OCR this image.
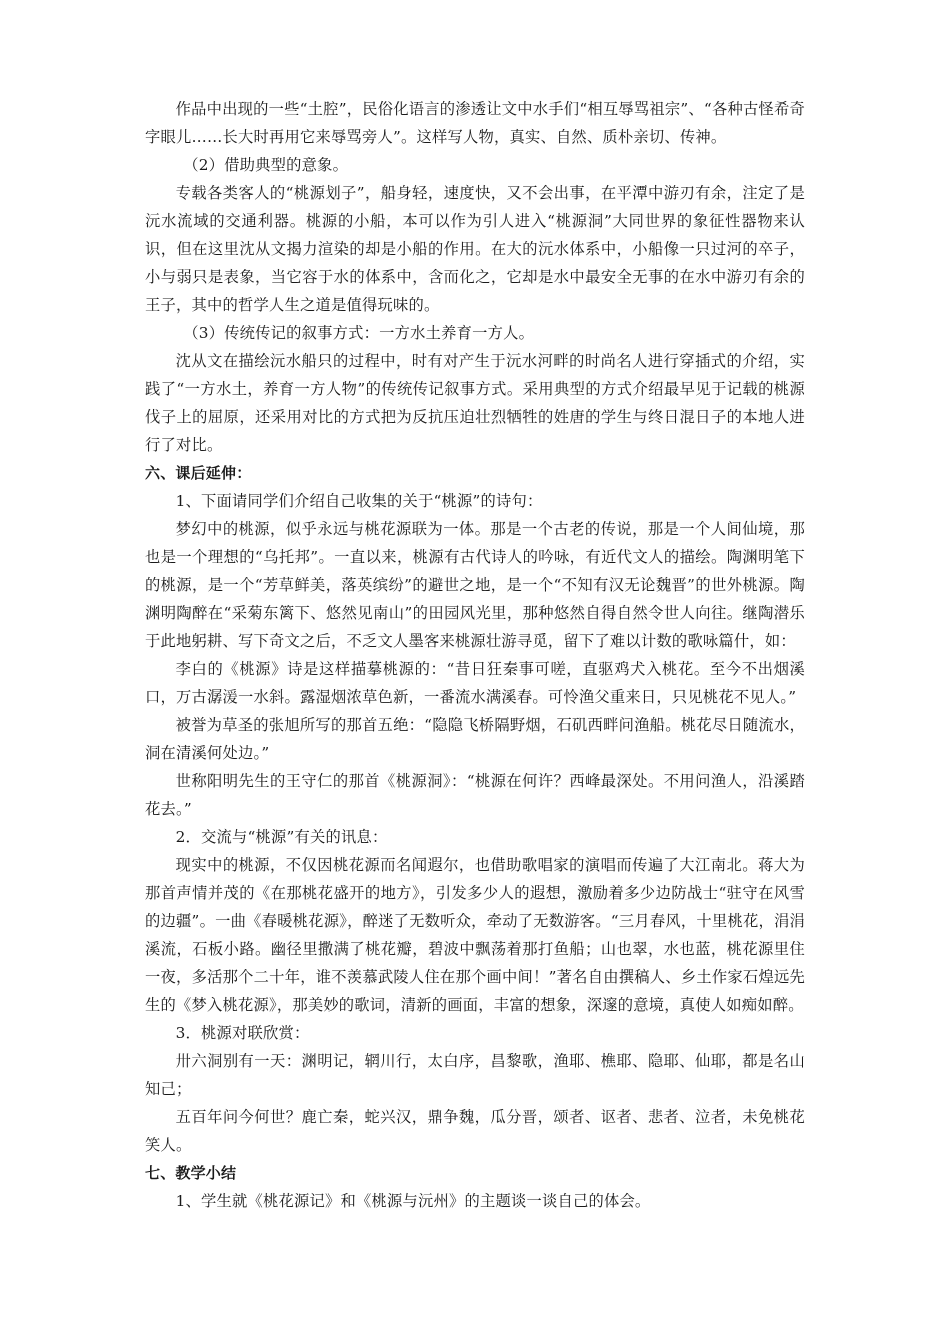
作品中出现的一些“土腔”，民俗化语言的渗透让文中水手们“相互辱骂祖宗”、“各种古怪希奇字眼儿……长大时再用它来辱骂旁人”。这样写人物，真实、自然、质朴亲切、传神。

（2）借助典型的意象。

专载各类客人的“桃源划子”，船身轻，速度快，又不会出事，在平潭中游刃有余，注定了是沅水流域的交通利器。桃源的小船，本可以作为引人进入“桃源洞”大同世界的象征性器物来认识，但在这里沈从文揭力渲染的却是小船的作用。在大的沅水体系中，小船像一只过河的卒子，小与弱只是表象，当它容于水的体系中，含而化之，它却是水中最安全无事的在水中游刃有余的王子，其中的哲学人生之道是值得玩味的。

（3）传统传记的叙事方式：一方水土养育一方人。

沈从文在描绘沅水船只的过程中，时有对产生于沅水河畔的时尚名人进行穿插式的介绍，实践了“一方水土，养育一方人物”的传统传记叙事方式。采用典型的方式介绍最早见于记载的桃源伐子上的屈原，还采用对比的方式把为反抗压迫壮烈牺牲的姓唐的学生与终日混日子的本地人进行了对比。

六、课后延伸：

1、下面请同学们介绍自己收集的关于“桃源”的诗句：

梦幻中的桃源，似乎永远与桃花源联为一体。那是一个古老的传说，那是一个人间仙境，那也是一个理想的“乌托邦”。一直以来，桃源有古代诗人的吟咏，有近代文人的描绘。陶渊明笔下的桃源，是一个“芳草鲜美，落英缤纷”的避世之地，是一个“不知有汉无论魏晋”的世外桃源。陶渊明陶醉在“采菊东篱下、悠然见南山”的田园风光里，那种悠然自得自然令世人向往。继陶潜乐于此地躬耕、写下奇文之后，不乏文人墨客来桃源壮游寻觅，留下了难以计数的歌咏篇什，如：

李白的《桃源》诗是这样描摹桃源的：“昔日狂秦事可嗟，直驱鸡犬入桃花。至今不出烟溪口，万古潺湲一水斜。露湿烟浓草色新，一番流水满溪春。可怜渔父重来日，只见桃花不见人。”

被誉为草圣的张旭所写的那首五绝：“隐隐飞桥隔野烟，石矶西畔问渔船。桃花尽日随流水，洞在清溪何处边。”

世称阳明先生的王守仁的那首《桃源洞》：“桃源在何许？西峰最深处。不用问渔人，沿溪踏花去。”

2．交流与“桃源”有关的讯息：

现实中的桃源，不仅因桃花源而名闻遐尔，也借助歌唱家的演唱而传遍了大江南北。蒋大为那首声情并茂的《在那桃花盛开的地方》，引发多少人的遐想，激励着多少边防战士“驻守在风雪的边疆”。一曲《春暖桃花源》，醉迷了无数听众，牵动了无数游客。“三月春风，十里桃花，涓涓溪流，石板小路。幽径里撒满了桃花瓣，碧波中飘荡着那打鱼船；山也翠，水也蓝，桃花源里住一夜，多活那个二十年，谁不羡慕武陵人住在那个画中间！”著名自由撰稿人、乡土作家石煌远先生的《梦入桃花源》，那美妙的歌词，清新的画面，丰富的想象，深邃的意境，真使人如痴如醉。

3．桃源对联欣赏：

卅六洞别有一天：渊明记，辋川行，太白序，昌黎歌，渔耶、樵耶、隐耶、仙耶，都是名山知己；

五百年问今何世？鹿亡秦，蛇兴汉，鼎争魏，瓜分晋，颂者、讴者、悲者、泣者，未免桃花笑人。

七、教学小结

1、学生就《桃花源记》和《桃源与沅州》的主题谈一谈自己的体会。
